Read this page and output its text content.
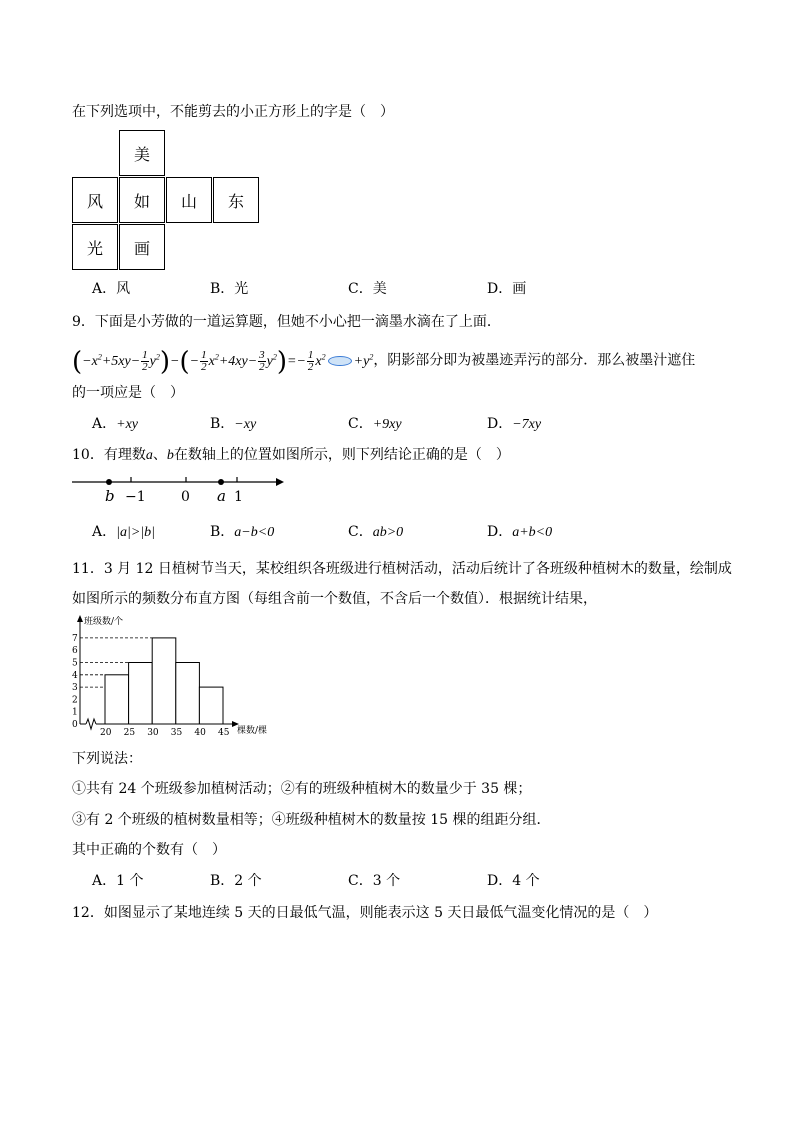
在下列选项中，不能剪去的小正方形上的字是（　）
美
风	如	山	东
光	画
A．风	B．光	C．美	D．画
9．下面是小芳做的一道运算题，但她不小心把一滴墨水滴在了上面．
$(-x^2+5xy- \frac{1}{2} y^2)-(- \frac{1}{2} x^2+4xy- \frac{3}{2} y^2)=- \frac{1}{2} x^2 +y^2$，阴影部分即为被墨迹弄污的部分．那么被墨汁遮住
的一项应是（　）
A．+xy	B．−xy	C．+9xy	D．−7xy
10．有理数a、b在数轴上的位置如图所示，则下列结论正确的是（　）
b −1	0 a 1
A．|a|>|b|	B．a−b<0	C．ab>0	D．a+b<0
11．3 月 12 日植树节当天，某校组织各班级进行植树活动，活动后统计了各班级种植树木的数量，绘制成
如图所示的频数分布直方图（每组含前一个数值，不含后一个数值）．根据统计结果，
0
1
2
3
4
5
6
7
20 25 30 35 40 45
班级数/个
棵数/棵
下列说法：
①共有 24 个班级参加植树活动；②有的班级种植树木的数量少于 35 棵；
③有 2 个班级的植树数量相等；④班级种植树木的数量按 15 棵的组距分组．
其中正确的个数有（　）
A．1 个	B．2 个	C．3 个	D．4 个
12．如图显示了某地连续 5 天的日最低气温，则能表示这 5 天日最低气温变化情况的是（　）
